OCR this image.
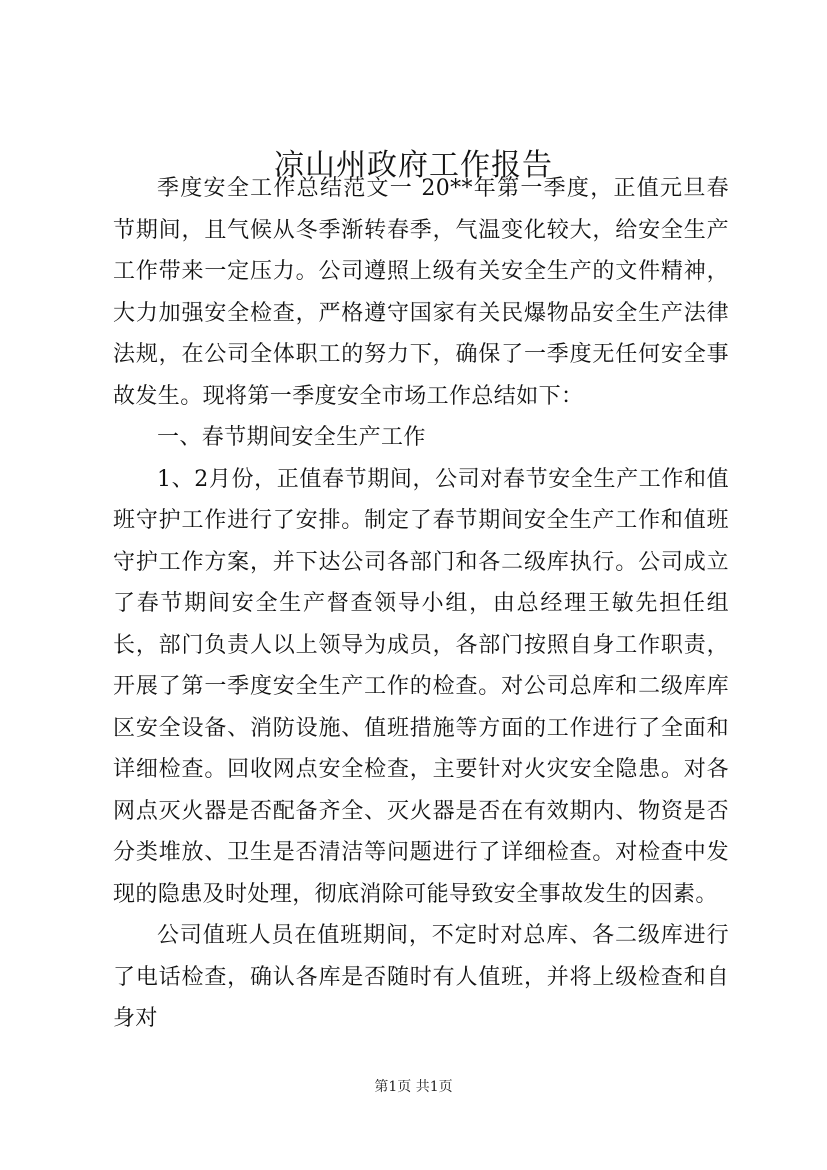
凉山州政府工作报告

季度安全工作总结范文一 20**年第一季度，正值元旦春节期间，且气候从冬季渐转春季，气温变化较大，给安全生产工作带来一定压力。公司遵照上级有关安全生产的文件精神，大力加强安全检查，严格遵守国家有关民爆物品安全生产法律法规，在公司全体职工的努力下，确保了一季度无任何安全事故发生。现将第一季度安全市场工作总结如下：

一、春节期间安全生产工作

1、2月份，正值春节期间，公司对春节安全生产工作和值班守护工作进行了安排。制定了春节期间安全生产工作和值班守护工作方案，并下达公司各部门和各二级库执行。公司成立了春节期间安全生产督查领导小组，由总经理王敏先担任组长，部门负责人以上领导为成员，各部门按照自身工作职责，开展了第一季度安全生产工作的检查。对公司总库和二级库库区安全设备、消防设施、值班措施等方面的工作进行了全面和详细检查。回收网点安全检查，主要针对火灾安全隐患。对各网点灭火器是否配备齐全、灭火器是否在有效期内、物资是否分类堆放、卫生是否清洁等问题进行了详细检查。对检查中发现的隐患及时处理，彻底消除可能导致安全事故发生的因素。

公司值班人员在值班期间，不定时对总库、各二级库进行了电话检查，确认各库是否随时有人值班，并将上级检查和自身对

第1页 共1页
